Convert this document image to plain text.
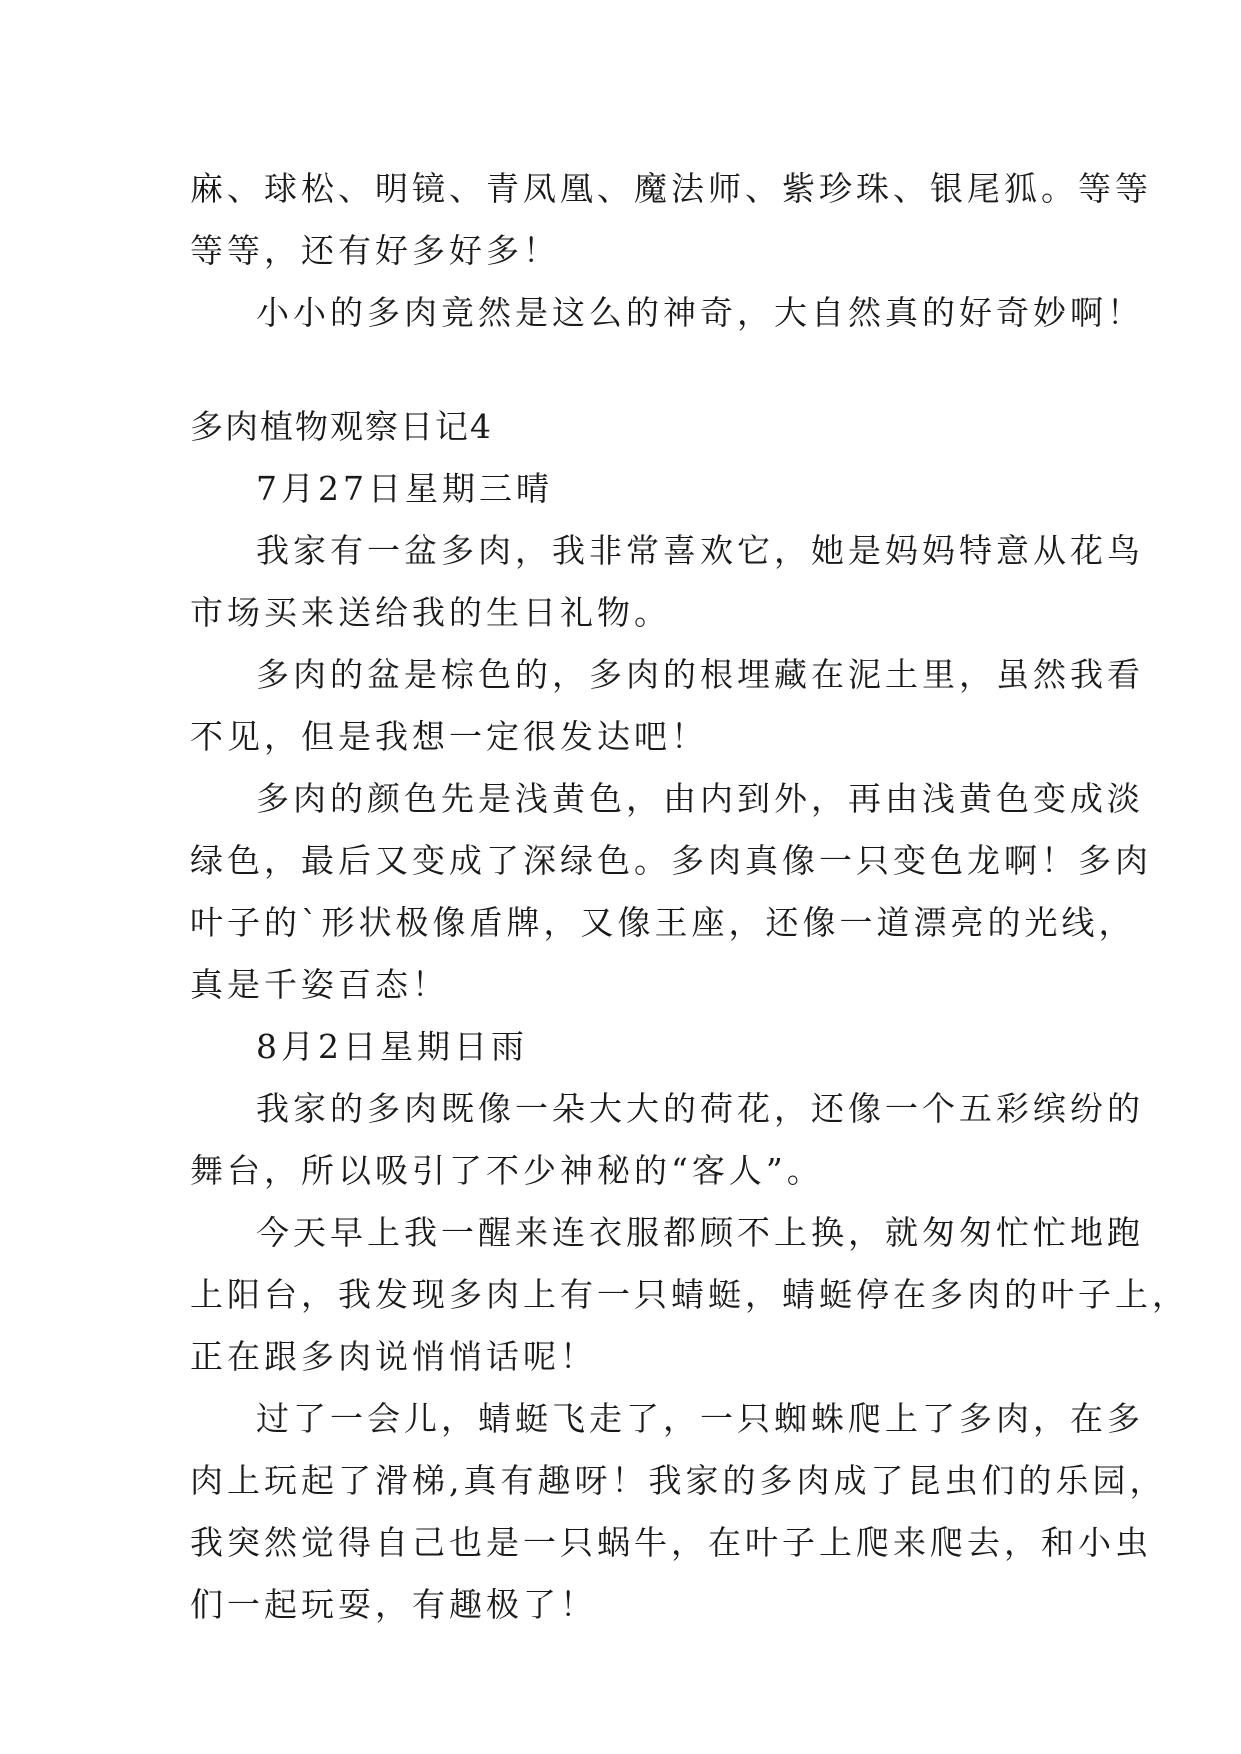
麻、球松、明镜、青凤凰、魔法师、紫珍珠、银尾狐。等等
等等，还有好多好多！
小小的多肉竟然是这么的神奇，大自然真的好奇妙啊！
多肉植物观察日记4
7月27日星期三晴
我家有一盆多肉，我非常喜欢它，她是妈妈特意从花鸟
市场买来送给我的生日礼物。
多肉的盆是棕色的，多肉的根埋藏在泥土里，虽然我看
不见，但是我想一定很发达吧！
多肉的颜色先是浅黄色，由内到外，再由浅黄色变成淡
绿色，最后又变成了深绿色。多肉真像一只变色龙啊！多肉
叶子的`形状极像盾牌，又像王座，还像一道漂亮的光线，
真是千姿百态！
8月2日星期日雨
我家的多肉既像一朵大大的荷花，还像一个五彩缤纷的
舞台，所以吸引了不少神秘的“客人”。
今天早上我一醒来连衣服都顾不上换，就匆匆忙忙地跑
上阳台，我发现多肉上有一只蜻蜓，蜻蜓停在多肉的叶子上，
正在跟多肉说悄悄话呢！
过了一会儿，蜻蜓飞走了，一只蜘蛛爬上了多肉，在多
肉上玩起了滑梯,真有趣呀！我家的多肉成了昆虫们的乐园，
我突然觉得自己也是一只蜗牛，在叶子上爬来爬去，和小虫
们一起玩耍，有趣极了！
